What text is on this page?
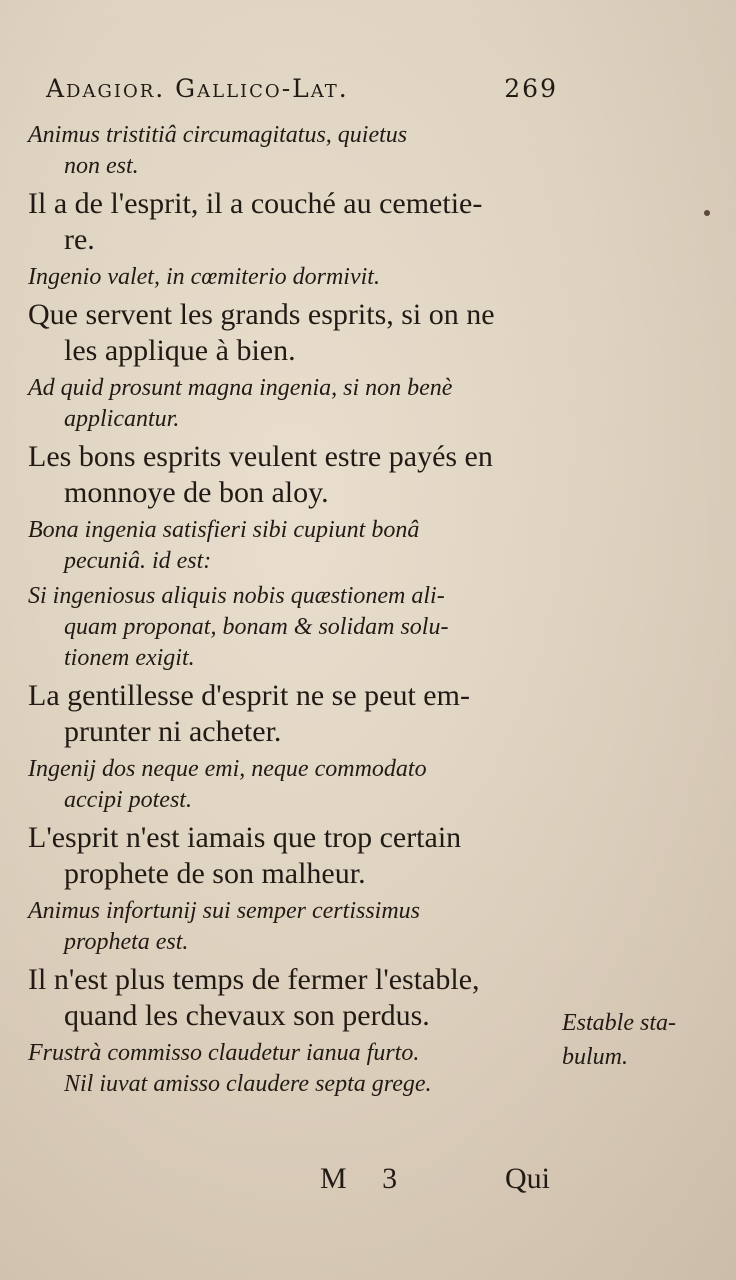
Adagior. Gallico-Lat.	269
Animus tristitiâ circumagitatus, quietus
non est.
Il a de l'esprit, il a couché au cemetie-
re.
Ingenio valet, in cœmiterio dormivit.
Que servent les grands esprits, si on ne
les applique à bien.
Ad quid prosunt magna ingenia, si non benè
applicantur.
Les bons esprits veulent estre payés en
monnoye de bon aloy.
Bona ingenia satisfieri sibi cupiunt bonâ
pecuniâ. id est:
Si ingeniosus aliquis nobis quæstionem ali-
quam proponat, bonam & solidam solu-
tionem exigit.
La gentillesse d'esprit ne se peut em-
prunter ni acheter.
Ingenij dos neque emi, neque commodato
accipi potest.
L'esprit n'est iamais que trop certain
prophete de son malheur.
Animus infortunij sui semper certissimus
propheta est.
Il n'est plus temps de fermer l'estable,
quand les chevaux son perdus.
Frustrà commisso claudetur ianua furto.
Nil iuvat amisso claudere septa grege.
Estable sta-
bulum.
M 3	Qui
